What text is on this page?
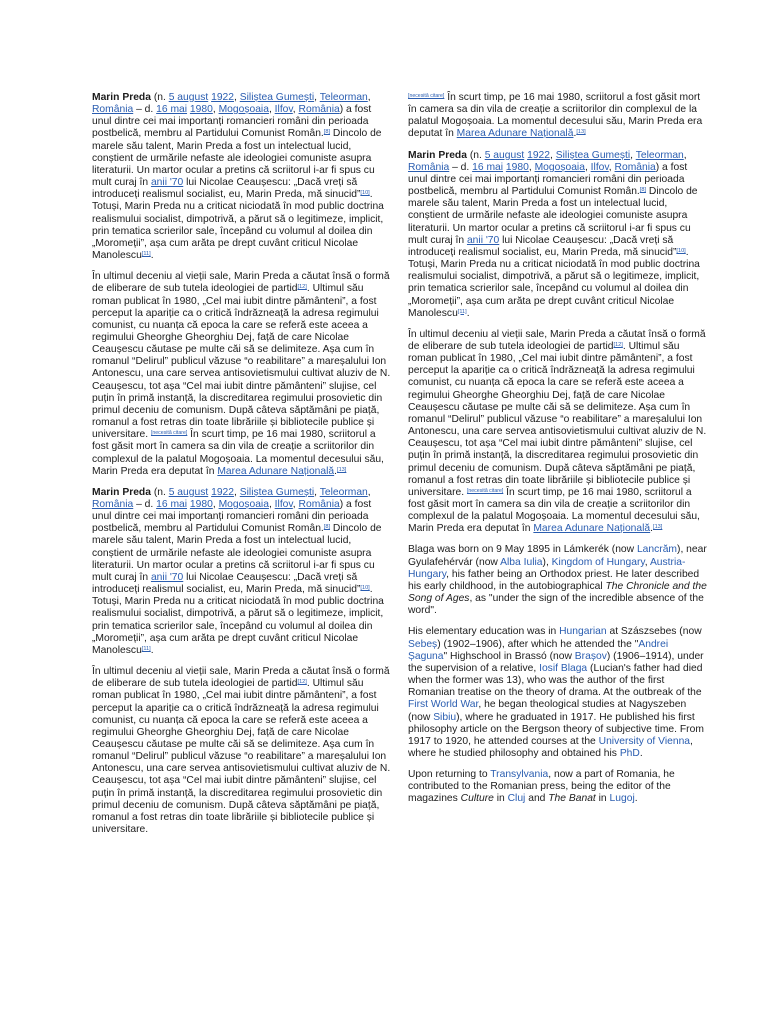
Marin Preda (n. 5 august 1922, Siliștea Gumești, Teleorman, România – d. 16 mai 1980, Mogoșoaia, Ilfov, România) a fost unul dintre cei mai importanți romancieri români din perioada postbelică, membru al Partidului Comunist Român.[8] Dincolo de marele său talent, Marin Preda a fost un intelectual lucid, conștient de urmările nefaste ale ideologiei comuniste asupra literaturii. Un martor ocular a pretins că scriitorul i-ar fi spus cu mult curaj în anii '70 lui Nicolae Ceaușescu: „Dacă vreți să introduceți realismul socialist, eu, Marin Preda, mă sinucid”[10]. Totuși, Marin Preda nu a criticat niciodată în mod public doctrina realismului socialist, dimpotrivă, a părut să o legitimeze, implicit, prin tematica scrierilor sale, începând cu volumul al doilea din „Moromeții”, așa cum arăta pe drept cuvânt criticul Nicolae Manolescu[11].

În ultimul deceniu al vieții sale, Marin Preda a căutat însă o formă de eliberare de sub tutela ideologiei de partid[12]. Ultimul său roman publicat în 1980, „Cel mai iubit dintre pământeni”, a fost perceput la apariție ca o critică îndrăzneață la adresa regimului comunist, cu nuanța că epoca la care se referă este aceea a regimului Gheorghe Gheorghiu Dej, față de care Nicolae Ceaușescu căutase pe multe căi să se delimiteze. Așa cum în romanul “Delirul” publicul văzuse “o reabilitare” a mareșalului Ion Antonescu, una care servea antisovietismului cultivat aluziv de N. Ceaușescu, tot așa “Cel mai iubit dintre pământeni” slujise, cel puțin în primă instanță, la discreditarea regimului prosovietic din primul deceniu de comunism. După câteva săptămâni pe piață, romanul a fost retras din toate librăriile și bibliotecile publice și universitare. [necesită citare] În scurt timp, pe 16 mai 1980, scriitorul a fost găsit mort în camera sa din vila de creație a scriitorilor din complexul de la palatul Mogoșoaia. La momentul decesului său, Marin Preda era deputat în Marea Adunare Națională.[13]

Marin Preda (n. 5 august 1922, Siliștea Gumești, Teleorman, România – d. 16 mai 1980, Mogoșoaia, Ilfov, România) a fost unul dintre cei mai importanți romancieri români din perioada postbelică, membru al Partidului Comunist Român.[8] Dincolo de marele său talent, Marin Preda a fost un intelectual lucid, conștient de urmările nefaste ale ideologiei comuniste asupra literaturii. Un martor ocular a pretins că scriitorul i-ar fi spus cu mult curaj în anii '70 lui Nicolae Ceaușescu: „Dacă vreți să introduceți realismul socialist, eu, Marin Preda, mă sinucid”[10]. Totuși, Marin Preda nu a criticat niciodată în mod public doctrina realismului socialist, dimpotrivă, a părut să o legitimeze, implicit, prin tematica scrierilor sale, începând cu volumul al doilea din „Moromeții”, așa cum arăta pe drept cuvânt criticul Nicolae Manolescu[11].

În ultimul deceniu al vieții sale, Marin Preda a căutat însă o formă de eliberare de sub tutela ideologiei de partid[12]. Ultimul său roman publicat în 1980, „Cel mai iubit dintre pământeni”, a fost perceput la apariție ca o critică îndrăzneață la adresa regimului comunist, cu nuanța că epoca la care se referă este aceea a regimului Gheorghe Gheorghiu Dej, față de care Nicolae Ceaușescu căutase pe multe căi să se delimiteze. Așa cum în romanul “Delirul” publicul văzuse “o reabilitare” a mareșalului Ion Antonescu, una care servea antisovietismului cultivat aluziv de N. Ceaușescu, tot așa “Cel mai iubit dintre pământeni” slujise, cel puțin în primă instanță, la discreditarea regimului prosovietic din primul deceniu de comunism. După câteva săptămâni pe piață, romanul a fost retras din toate librăriile și bibliotecile publice și universitare.

[necesită citare] În scurt timp, pe 16 mai 1980, scriitorul a fost găsit mort în camera sa din vila de creație a scriitorilor din complexul de la palatul Mogoșoaia. La momentul decesului său, Marin Preda era deputat în Marea Adunare Națională.[13]

Marin Preda (n. 5 august 1922, Siliștea Gumești, Teleorman, România – d. 16 mai 1980, Mogoșoaia, Ilfov, România) a fost unul dintre cei mai importanți romancieri români din perioada postbelică, membru al Partidului Comunist Român.[8] Dincolo de marele său talent, Marin Preda a fost un intelectual lucid, conștient de urmările nefaste ale ideologiei comuniste asupra literaturii. Un martor ocular a pretins că scriitorul i-ar fi spus cu mult curaj în anii '70 lui Nicolae Ceaușescu: „Dacă vreți să introduceți realismul socialist, eu, Marin Preda, mă sinucid”[10]. Totuși, Marin Preda nu a criticat niciodată în mod public doctrina realismului socialist, dimpotrivă, a părut să o legitimeze, implicit, prin tematica scrierilor sale, începând cu volumul al doilea din „Moromeții”, așa cum arăta pe drept cuvânt criticul Nicolae Manolescu[11].

În ultimul deceniu al vieții sale, Marin Preda a căutat însă o formă de eliberare de sub tutela ideologiei de partid[12]. Ultimul său roman publicat în 1980, „Cel mai iubit dintre pământeni”, a fost perceput la apariție ca o critică îndrăzneață la adresa regimului comunist, cu nuanța că epoca la care se referă este aceea a regimului Gheorghe Gheorghiu Dej, față de care Nicolae Ceaușescu căutase pe multe căi să se delimiteze. Așa cum în romanul “Delirul” publicul văzuse “o reabilitare” a mareșalului Ion Antonescu, una care servea antisovietismului cultivat aluziv de N. Ceaușescu, tot așa “Cel mai iubit dintre pământeni” slujise, cel puțin în primă instanță, la discreditarea regimului prosovietic din primul deceniu de comunism. După câteva săptămâni pe piață, romanul a fost retras din toate librăriile și bibliotecile publice și universitare. [necesită citare] În scurt timp, pe 16 mai 1980, scriitorul a fost găsit mort în camera sa din vila de creație a scriitorilor din complexul de la palatul Mogoșoaia. La momentul decesului său, Marin Preda era deputat în Marea Adunare Națională.[13]

Blaga was born on 9 May 1895 in Lámkerék (now Lancrăm), near Gyulafehérvár (now Alba Iulia), Kingdom of Hungary, Austria-Hungary, his father being an Orthodox priest. He later described his early childhood, in the autobiographical The Chronicle and the Song of Ages, as "under the sign of the incredible absence of the word".

His elementary education was in Hungarian at Szászsebes (now Sebeș) (1902–1906), after which he attended the "Andrei Șaguna" Highschool in Brassó (now Brașov) (1906–1914), under the supervision of a relative, Iosif Blaga (Lucian's father had died when the former was 13), who was the author of the first Romanian treatise on the theory of drama. At the outbreak of the First World War, he began theological studies at Nagyszeben (now Sibiu), where he graduated in 1917. He published his first philosophy article on the Bergson theory of subjective time. From 1917 to 1920, he attended courses at the University of Vienna, where he studied philosophy and obtained his PhD.

Upon returning to Transylvania, now a part of Romania, he contributed to the Romanian press, being the editor of the magazines Culture in Cluj and The Banat in Lugoj.
